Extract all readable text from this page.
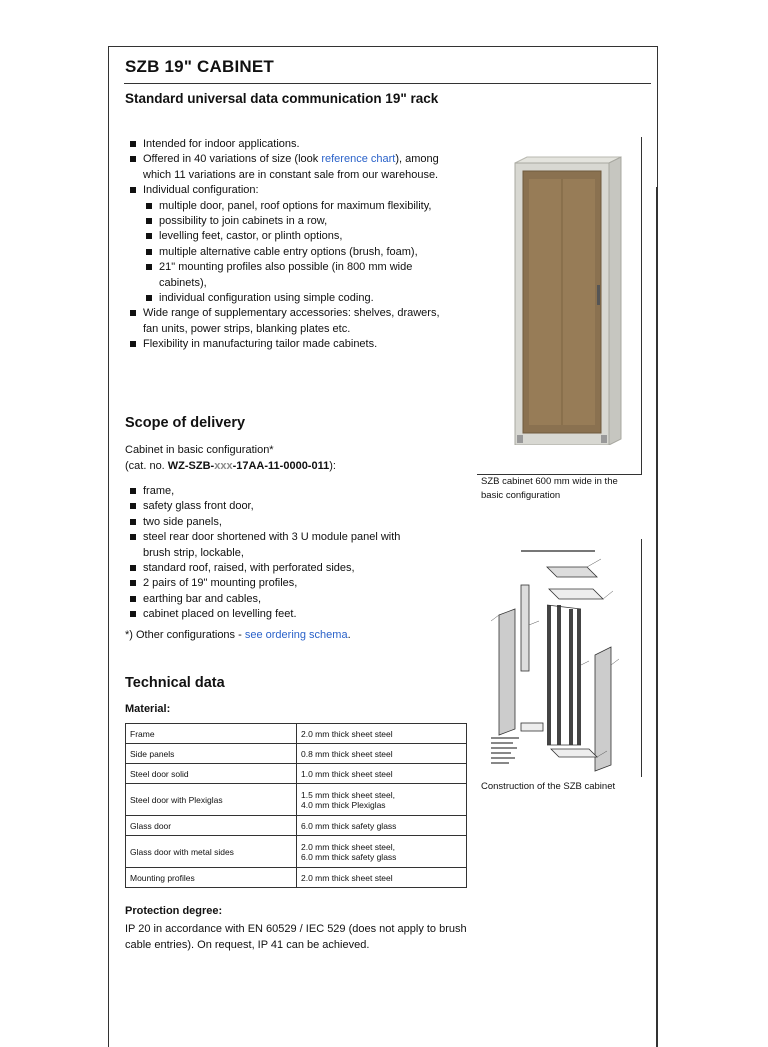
SZB 19" CABINET
Standard universal data communication 19" rack
Intended for indoor applications.
Offered in 40 variations of size (look reference chart), among which 11 variations are in constant sale from our warehouse.
Individual configuration:
multiple door, panel, roof options for maximum flexibility,
possibility to join cabinets in a row,
levelling feet, castor, or plinth options,
multiple alternative cable entry options (brush, foam),
21" mounting profiles also possible (in 800 mm wide cabinets),
individual configuration using simple coding.
Wide range of supplementary accessories: shelves, drawers,
fan units, power strips, blanking plates etc.
Flexibility in manufacturing tailor made cabinets.
Scope of delivery
Cabinet in basic configuration*
(cat. no. WZ-SZB-xxx-17AA-11-0000-011):
frame,
safety glass front door,
two side panels,
steel rear door shortened with 3 U module panel with brush strip, lockable,
standard roof, raised, with perforated sides,
2 pairs of 19" mounting profiles,
earthing bar and cables,
cabinet placed on levelling feet.
*) Other configurations - see ordering schema.
Technical data
Material:
Frame	2.0 mm thick sheet steel
Side panels	0.8 mm thick sheet steel
Steel door solid	1.0 mm thick sheet steel
Steel door with Plexiglas	1.5 mm thick sheet steel,
4.0 mm thick Plexiglas
Glass door	6.0 mm thick safety glass
Glass door with metal sides	2.0 mm thick sheet steel,
6.0 mm thick safety glass
Mounting profiles	2.0 mm thick sheet steel
Protection degree:
IP 20 in accordance with EN 60529 / IEC 529 (does not apply to brush cable entries). On request, IP 41 can be achieved.
SZB cabinet 600 mm wide in the basic configuration
Construction of the SZB cabinet
